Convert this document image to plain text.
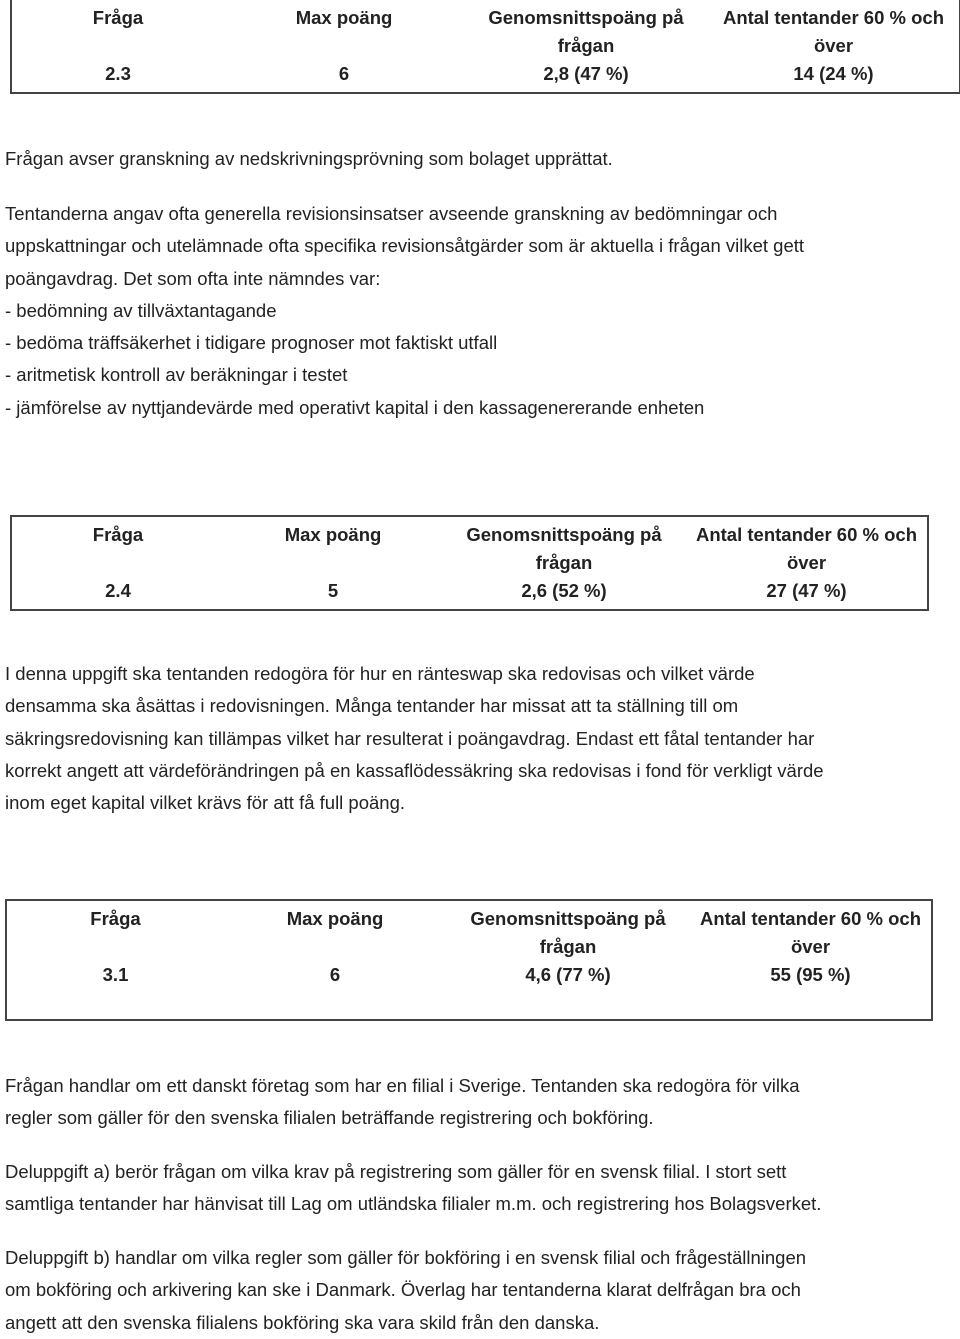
Fråga	Max poäng	Genomsnittspoäng på frågan	Antal tentander 60 % och över
2.3	6	2,8 (47 %)	14 (24 %)

Frågan avser granskning av nedskrivningsprövning som bolaget upprättat.

Tentanderna angav ofta generella revisionsinsatser avseende granskning av bedömningar och
uppskattningar och utelämnade ofta specifika revisionsåtgärder som är aktuella i frågan vilket gett
poängavdrag. Det som ofta inte nämndes var:
- bedömning av tillväxtantagande
- bedöma träffsäkerhet i tidigare prognoser mot faktiskt utfall
- aritmetisk kontroll av beräkningar i testet
- jämförelse av nyttjandevärde med operativt kapital i den kassagenererande enheten

Fråga	Max poäng	Genomsnittspoäng på frågan	Antal tentander 60 % och över
2.4	5	2,6 (52 %)	27 (47 %)

I denna uppgift ska tentanden redogöra för hur en ränteswap ska redovisas och vilket värde
densamma ska åsättas i redovisningen. Många tentander har missat att ta ställning till om
säkringsredovisning kan tillämpas vilket har resulterat i poängavdrag. Endast ett fåtal tentander har
korrekt angett att värdeförändringen på en kassaflödessäkring ska redovisas i fond för verkligt värde
inom eget kapital vilket krävs för att få full poäng.

Fråga	Max poäng	Genomsnittspoäng på frågan	Antal tentander 60 % och över
3.1	6	4,6 (77 %)	55 (95 %)

Frågan handlar om ett danskt företag som har en filial i Sverige. Tentanden ska redogöra för vilka
regler som gäller för den svenska filialen beträffande registrering och bokföring.

Deluppgift a) berör frågan om vilka krav på registrering som gäller för en svensk filial. I stort sett
samtliga tentander har hänvisat till Lag om utländska filialer m.m. och registrering hos Bolagsverket.

Deluppgift b) handlar om vilka regler som gäller för bokföring i en svensk filial och frågeställningen
om bokföring och arkivering kan ske i Danmark. Överlag har tentanderna klarat delfrågan bra och
angett att den svenska filialens bokföring ska vara skild från den danska.
